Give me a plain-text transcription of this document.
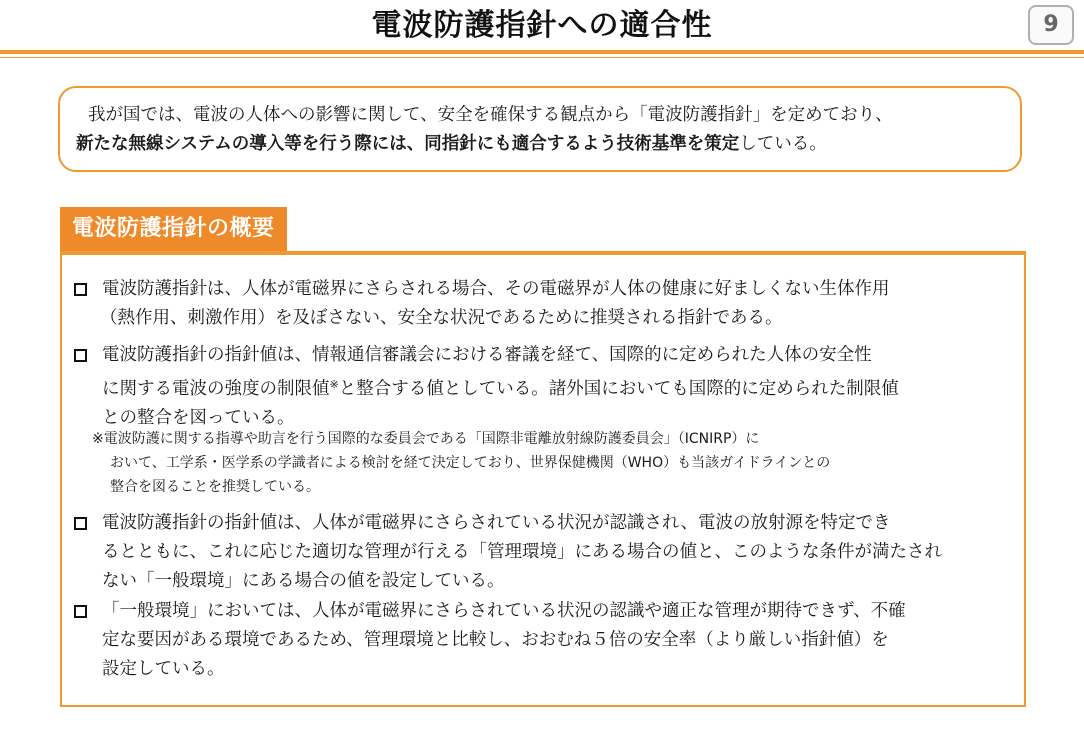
電波防護指針への適合性	9

我が国では、電波の人体への影響に関して、安全を確保する観点から「電波防護指針」を定めており、

新たな無線システムの導入等を行う際には、同指針にも適合するよう技術基準を策定している。

電波防護指針の概要
電波防護指針は、人体が電磁界にさらされる場合、その電磁界が人体の健康に好ましくない生体作用
（熱作用、刺激作用）を及ぼさない、安全な状況であるために推奨される指針である。
電波防護指針の指針値は、情報通信審議会における審議を経て、国際的に定められた人体の安全性
に関する電波の強度の制限値※と整合する値としている。諸外国においても国際的に定められた制限値
との整合を図っている。
※電波防護に関する指導や助言を行う国際的な委員会である「国際非電離放射線防護委員会」（ICNIRP）に
おいて、工学系・医学系の学識者による検討を経て決定しており、世界保健機関（WHO）も当該ガイドラインとの
整合を図ることを推奨している。
電波防護指針の指針値は、人体が電磁界にさらされている状況が認識され、電波の放射源を特定でき
るとともに、これに応じた適切な管理が行える「管理環境」にある場合の値と、このような条件が満たされ
ない「一般環境」にある場合の値を設定している。
「一般環境」においては、人体が電磁界にさらされている状況の認識や適正な管理が期待できず、不確
定な要因がある環境であるため、管理環境と比較し、おおむね５倍の安全率（より厳しい指針値）を
設定している。
